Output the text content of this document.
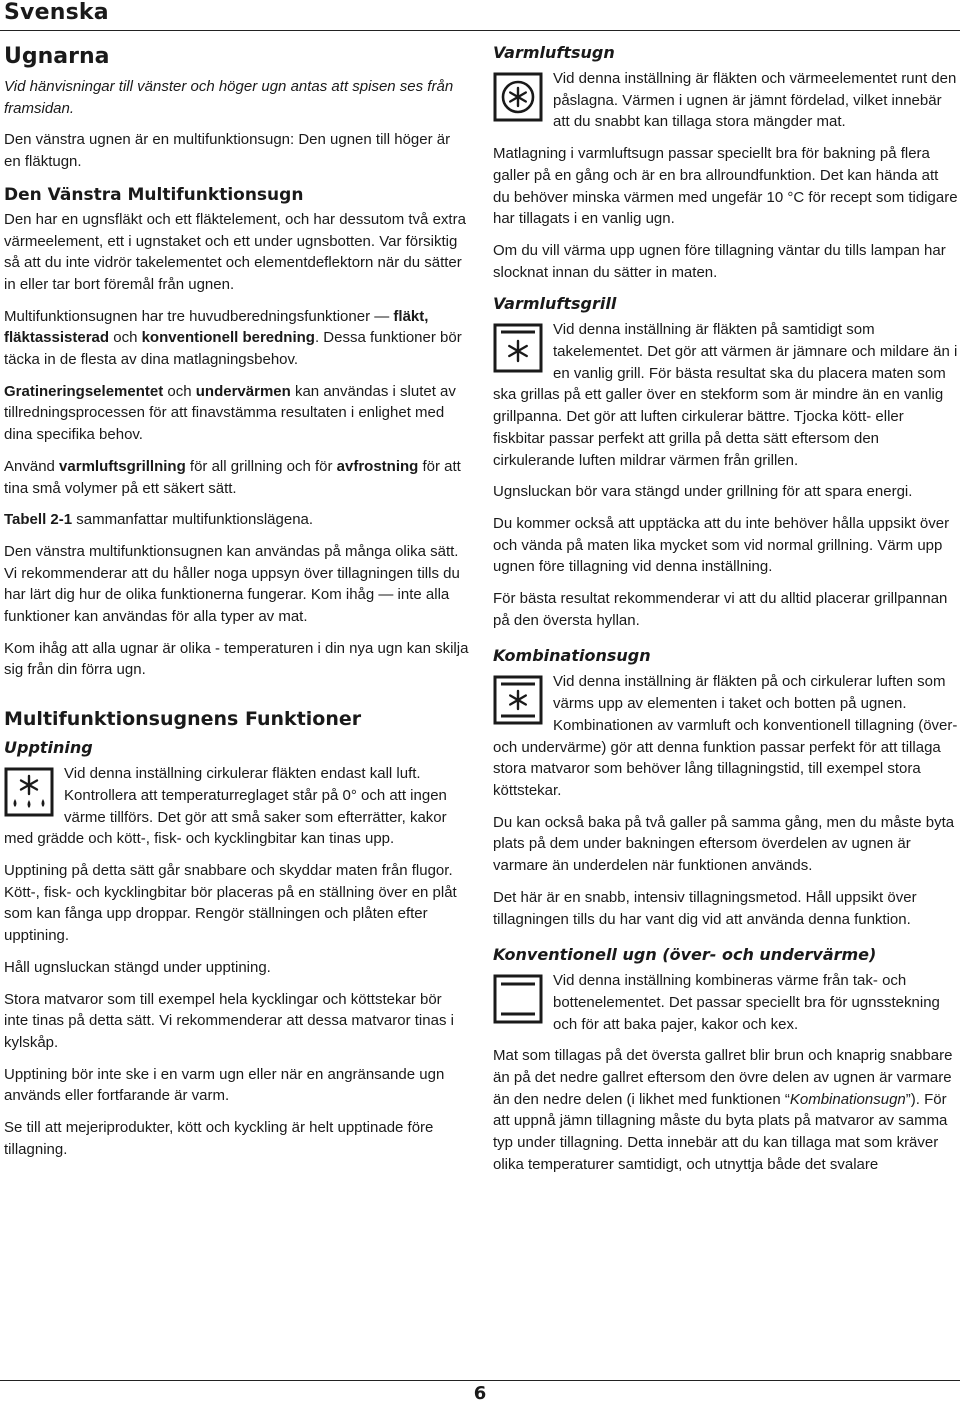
Svenska
Ugnarna

Vid hänvisningar till vänster och höger ugn antas att spisen ses från framsidan.

Den vänstra ugnen är en multifunktionsugn: Den ugnen till höger är en fläktugn.

Den Vänstra Multifunktionsugn

Den har en ugnsfläkt och ett fläktelement, och har dessutom två extra värmeelement, ett i ugnstaket och ett under ugnsbotten. Var försiktig så att du inte vidrör takelementet och elementdeflektorn när du sätter in eller tar bort föremål från ugnen.

Multifunktionsugnen har tre huvudberedningsfunktioner — fläkt, fläktassisterad och konventionell beredning. Dessa funktioner bör täcka in de flesta av dina matlagningsbehov.

Gratineringselementet och undervärmen kan användas i slutet av tillredningsprocessen för att finavstämma resultaten i enlighet med dina specifika behov.

Använd varmluftsgrillning för all grillning och för avfrostning för att tina små volymer på ett säkert sätt.

Tabell 2-1 sammanfattar multifunktionslägena.

Den vänstra multifunktionsugnen kan användas på många olika sätt. Vi rekommenderar att du håller noga uppsyn över tillagningen tills du har lärt dig hur de olika funktionerna fungerar. Kom ihåg — inte alla funktioner kan användas för alla typer av mat.

Kom ihåg att alla ugnar är olika - temperaturen i din nya ugn kan skilja sig från din förra ugn.

Multifunktionsugnens Funktioner
Upptining
Vid denna inställning cirkulerar fläkten endast kall luft. Kontrollera att temperaturreglaget står på 0° och att ingen värme tillförs. Det gör att små saker som efterrätter, kakor med grädde och kött-, fisk- och kycklingbitar kan tinas upp.

Upptining på detta sätt går snabbare och skyddar maten från flugor. Kött-, fisk- och kycklingbitar bör placeras på en ställning över en plåt som kan fånga upp droppar. Rengör ställningen och plåten efter upptining.

Håll ugnsluckan stängd under upptining.

Stora matvaror som till exempel hela kycklingar och köttstekar bör inte tinas på detta sätt. Vi rekommenderar att dessa matvaror tinas i kylskåp.

Upptining bör inte ske i en varm ugn eller när en angränsande ugn används eller fortfarande är varm.

Se till att mejeriprodukter, kött och kyckling är helt upptinade före tillagning.

Varmluftsugn
Vid denna inställning är fläkten och värmeelementet runt den påslagna. Värmen i ugnen är jämnt fördelad, vilket innebär att du snabbt kan tillaga stora mängder mat.

Matlagning i varmluftsugn passar speciellt bra för bakning på flera galler på en gång och är en bra allroundfunktion. Det kan hända att du behöver minska värmen med ungefär 10 °C för recept som tidigare har tillagats i en vanlig ugn.

Om du vill värma upp ugnen före tillagning väntar du tills lampan har slocknat innan du sätter in maten.

Varmluftsgrill
Vid denna inställning är fläkten på samtidigt som takelementet. Det gör att värmen är jämnare och mildare än i en vanlig grill. För bästa resultat ska du placera maten som ska grillas på ett galler över en stekform som är mindre än en vanlig grillpanna. Det gör att luften cirkulerar bättre. Tjocka kött- eller fiskbitar passar perfekt att grilla på detta sätt eftersom den cirkulerande luften mildrar värmen från grillen.

Ugnsluckan bör vara stängd under grillning för att spara energi.

Du kommer också att upptäcka att du inte behöver hålla uppsikt över och vända på maten lika mycket som vid normal grillning. Värm upp ugnen före tillagning vid denna inställning.

För bästa resultat rekommenderar vi att du alltid placerar grillpannan på den översta hyllan.

Kombinationsugn
Vid denna inställning är fläkten på och cirkulerar luften som värms upp av elementen i taket och botten på ugnen. Kombinationen av varmluft och konventionell tillagning (över- och undervärme) gör att denna funktion passar perfekt för att tillaga stora matvaror som behöver lång tillagningstid, till exempel stora köttstekar.

Du kan också baka på två galler på samma gång, men du måste byta plats på dem under bakningen eftersom överdelen av ugnen är varmare än underdelen när funktionen används.

Det här är en snabb, intensiv tillagningsmetod. Håll uppsikt över tillagningen tills du har vant dig vid att använda denna funktion.

Konventionell ugn (över- och undervärme)
Vid denna inställning kombineras värme från tak- och bottenelementet. Det passar speciellt bra för ugnsstekning och för att baka pajer, kakor och kex.

Mat som tillagas på det översta gallret blir brun och knaprig snabbare än på det nedre gallret eftersom den övre delen av ugnen är varmare än den nedre delen (i likhet med funktionen “Kombinationsugn”). För att uppnå jämn tillagning måste du byta plats på matvaror av samma typ under tillagning. Detta innebär att du kan tillaga mat som kräver olika temperaturer samtidigt, och utnyttja både det svalare

6
